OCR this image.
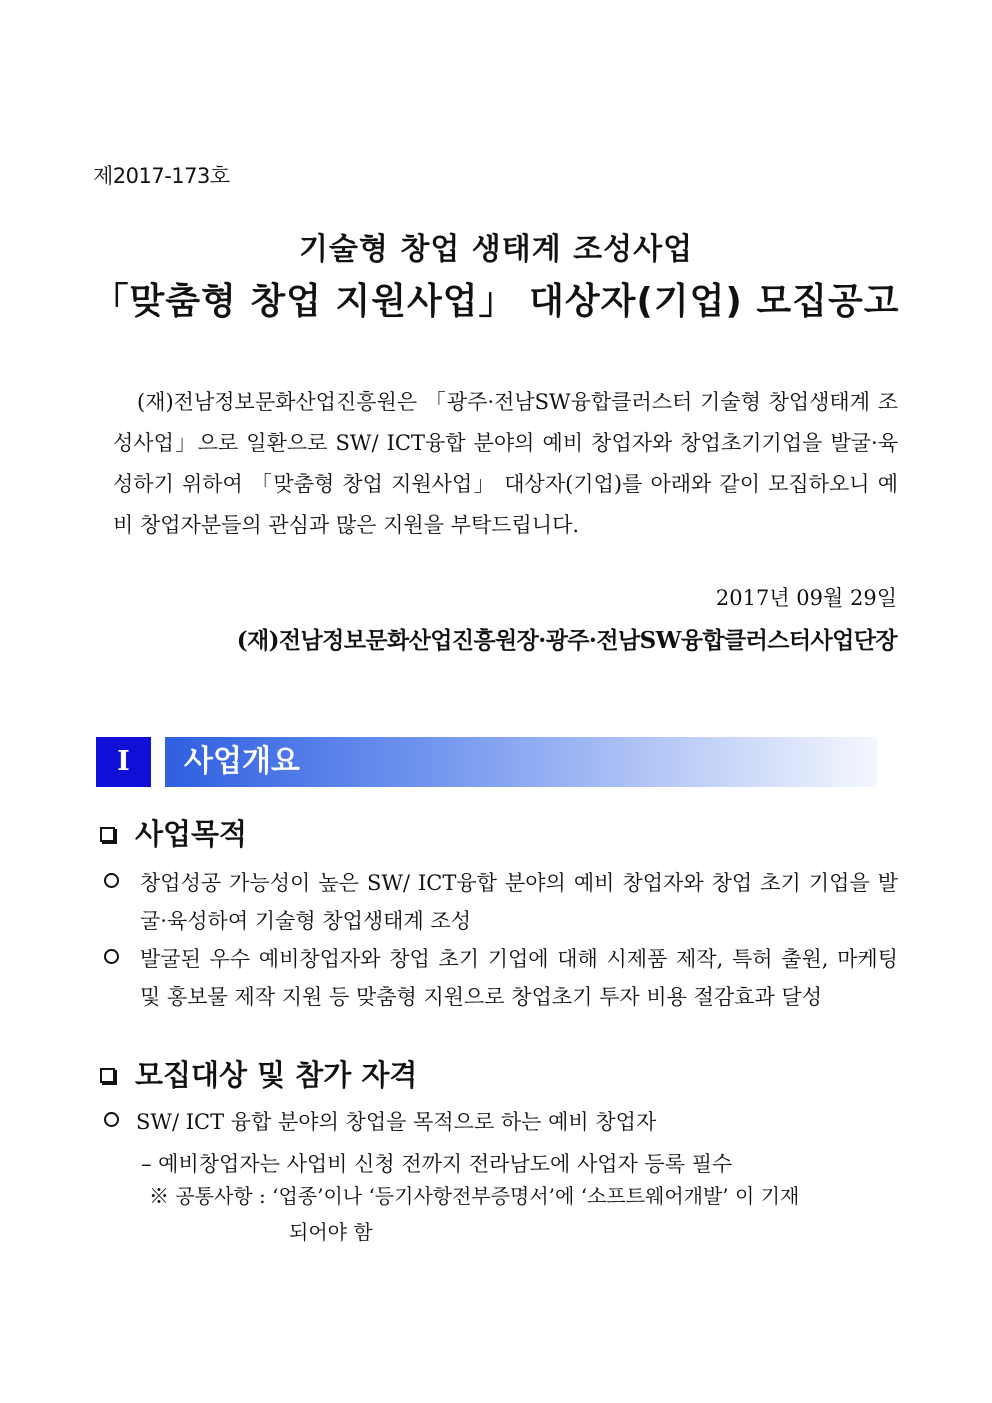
제2017-173호
기술형 창업 생태계 조성사업
「맞춤형 창업 지원사업」 대상자(기업) 모집공고
(재)전남정보문화산업진흥원은 「광주·전남SW융합클러스터 기술형 창업생태계 조성사업」으로 일환으로 SW/ ICT융합 분야의 예비 창업자와 창업초기기업을 발굴·육성하기 위하여 「맞춤형 창업 지원사업」 대상자(기업)를 아래와 같이 모집하오니 예비 창업자분들의 관심과 많은 지원을 부탁드립니다.
2017년 09월 29일
(재)전남정보문화산업진흥원장·광주·전남SW융합클러스터사업단장
I	사업개요
사업목적
창업성공 가능성이 높은 SW/ ICT융합 분야의 예비 창업자와 창업 초기 기업을 발굴·육성하여 기술형 창업생태계 조성
발굴된 우수 예비창업자와 창업 초기 기업에 대해 시제품 제작, 특허 출원, 마케팅 및 홍보물 제작 지원 등 맞춤형 지원으로 창업초기 투자 비용 절감효과 달성
모집대상 및 참가 자격
SW/ ICT 융합 분야의 창업을 목적으로 하는 예비 창업자
– 예비창업자는 사업비 신청 전까지 전라남도에 사업자 등록 필수
※ 공통사항 : ‘업종’이나 ‘등기사항전부증명서’에 ‘소프트웨어개발’ 이 기재
되어야 함
